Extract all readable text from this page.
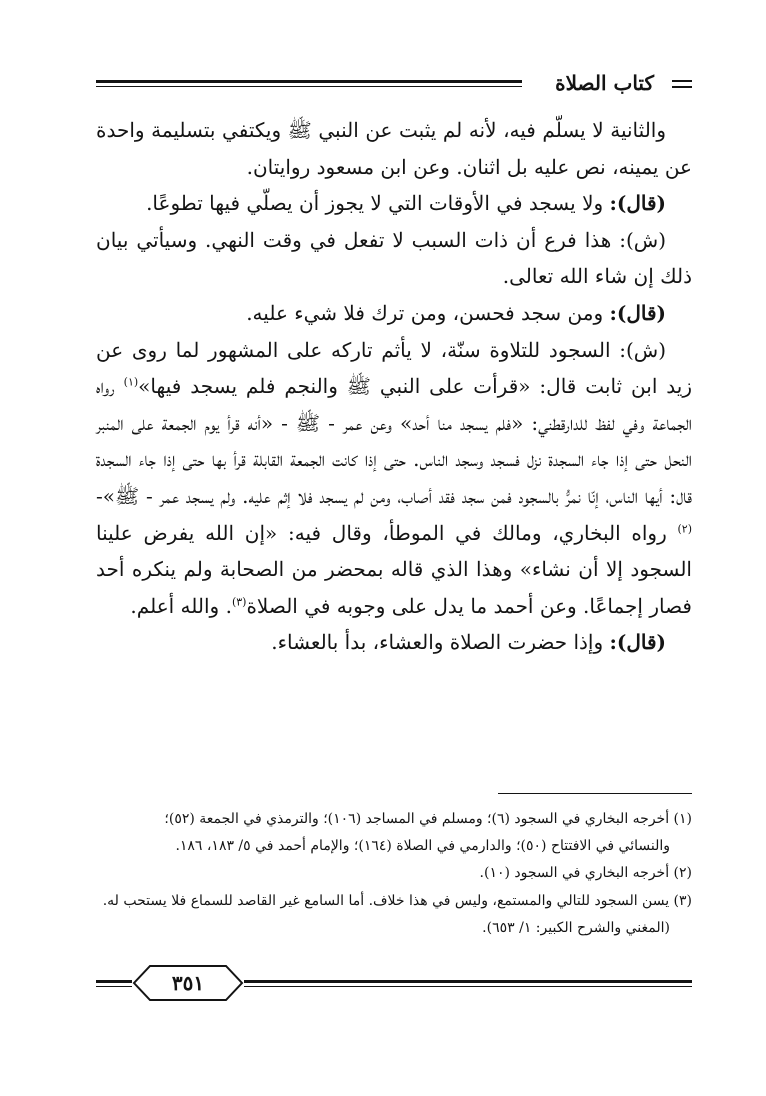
كتاب الصلاة

والثانية لا يسلّم فيه، لأنه لم يثبت عن النبي ﷺ ويكتفي بتسليمة واحدة عن يمينه، نص عليه بل اثنان. وعن ابن مسعود روايتان.

(قال): ولا يسجد في الأوقات التي لا يجوز أن يصلّي فيها تطوعًا.

(ش): هذا فرع أن ذات السبب لا تفعل في وقت النهي. وسيأتي بيان ذلك إن شاء الله تعالى.

(قال): ومن سجد فحسن، ومن ترك فلا شيء عليه.

(ش): السجود للتلاوة سنّة، لا يأثم تاركه على المشهور لما روى عن زيد ابن ثابت قال: «قرأت على النبي ﷺ والنجم فلم يسجد فيها»$^{(١)}$ رواه الجماعة وفي لفظ للدارقطني: «فلم يسجد منا أحد» وعن عمر - ﷺ - «أنه قرأ يوم الجمعة على المنبر النحل حتى إذا جاء السجدة نزل فسجد وسجد الناس. حتى إذا كانت الجمعة القابلة قرأ بها حتى إذا جاء السجدة قال: أيها الناس، إنّا نمرُّ بالسجود فمن سجد فقد أصاب، ومن لم يسجد فلا إثم عليه. ولم يسجد عمر - ﷺ»-$^{(٢)}$ رواه البخاري، ومالك في الموطأ، وقال فيه: «إن الله يفرض علينا السجود إلا أن نشاء» وهذا الذي قاله بمحضر من الصحابة ولم ينكره أحد فصار إجماعًا. وعن أحمد ما يدل على وجوبه في الصلاة$^{(٣)}$. والله أعلم.

(قال): وإذا حضرت الصلاة والعشاء، بدأ بالعشاء.

(١) أخرجه البخاري في السجود (٦)؛ ومسلم في المساجد (١٠٦)؛ والترمذي في الجمعة (٥٢)؛

والنسائي في الافتتاح (٥٠)؛ والدارمي في الصلاة (١٦٤)؛ والإمام أحمد في ٥/ ١٨٣، ١٨٦.

(٢) أخرجه البخاري في السجود (١٠).

(٣) يسن السجود للتالي والمستمع، وليس في هذا خلاف. أما السامع غير القاصد للسماع فلا يستحب له.

(المغني والشرح الكبير: ١/ ٦٥٣).

٣٥١
